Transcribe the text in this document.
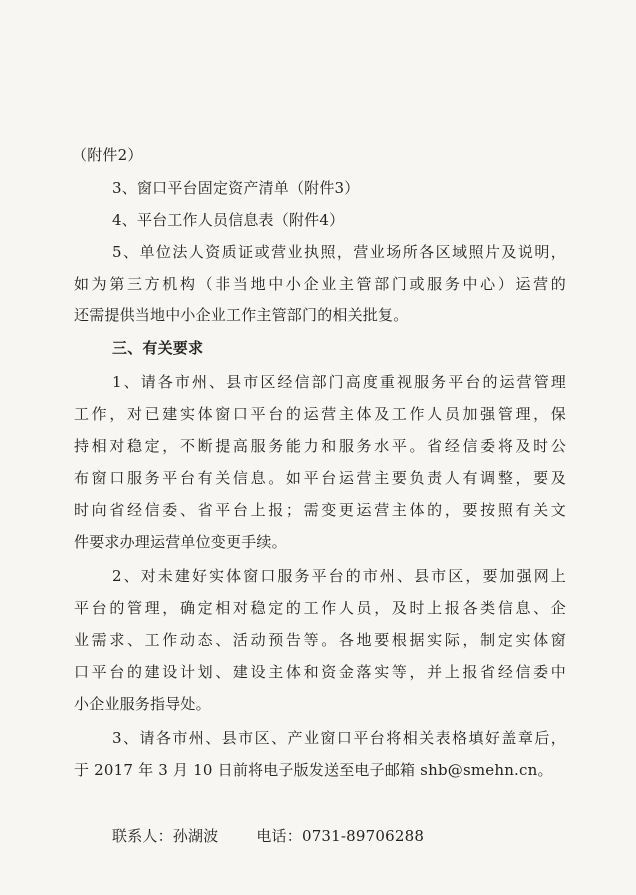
（附件2）
3、窗口平台固定资产清单（附件3）
4、平台工作人员信息表（附件4）
5、单位法人资质证或营业执照，营业场所各区域照片及说明，
如为第三方机构（非当地中小企业主管部门或服务中心）运营的
还需提供当地中小企业工作主管部门的相关批复。
三、有关要求
1、请各市州、县市区经信部门高度重视服务平台的运营管理
工作，对已建实体窗口平台的运营主体及工作人员加强管理，保
持相对稳定，不断提高服务能力和服务水平。省经信委将及时公
布窗口服务平台有关信息。如平台运营主要负责人有调整，要及
时向省经信委、省平台上报；需变更运营主体的，要按照有关文
件要求办理运营单位变更手续。
2、对未建好实体窗口服务平台的市州、县市区，要加强网上
平台的管理，确定相对稳定的工作人员，及时上报各类信息、企
业需求、工作动态、活动预告等。各地要根据实际，制定实体窗
口平台的建设计划、建设主体和资金落实等，并上报省经信委中
小企业服务指导处。
3、请各市州、县市区、产业窗口平台将相关表格填好盖章后，
于 2017 年 3 月 10 日前将电子版发送至电子邮箱 shb@smehn.cn。
联系人：孙湖波	电话：0731-89706288
